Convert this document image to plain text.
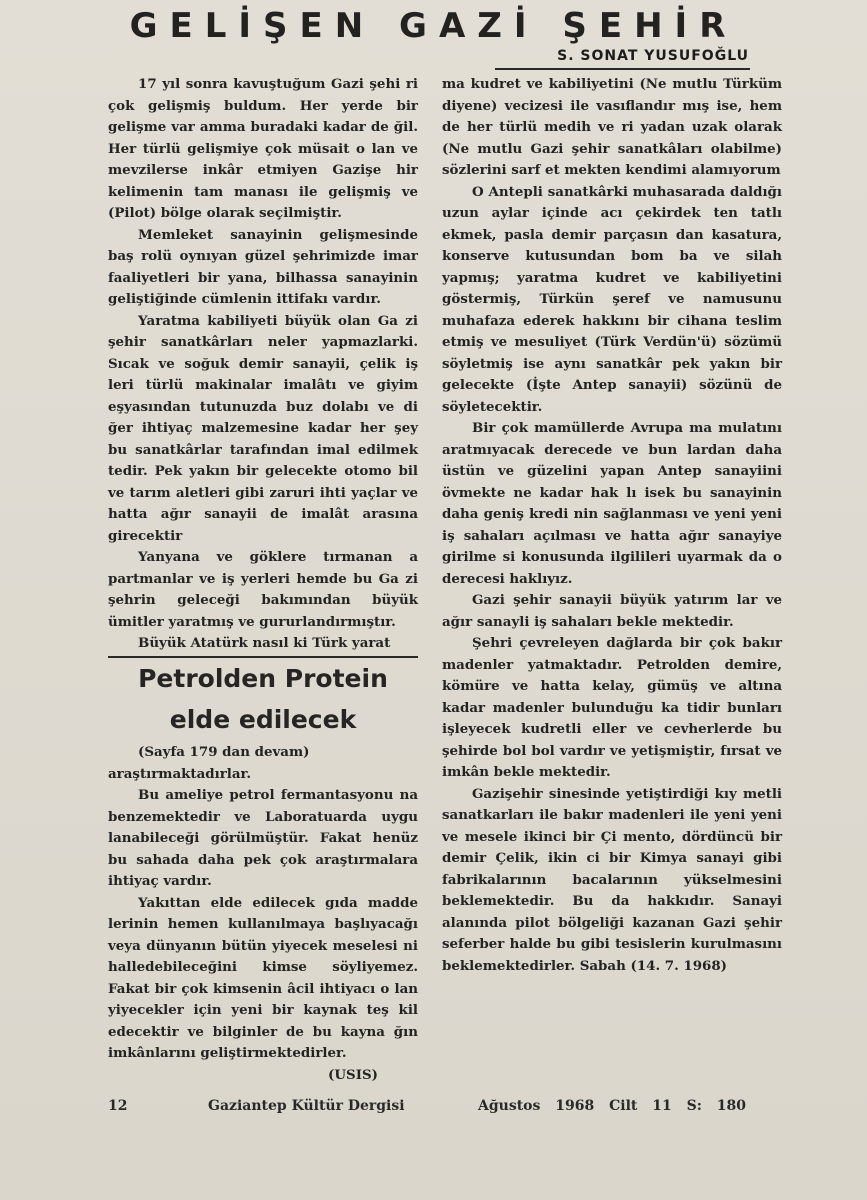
GELİŞEN GAZİ ŞEHİR
S. SONAT YUSUFOĞLU

17 yıl sonra kavuştuğum Gazi şehi ri çok gelişmiş buldum. Her yerde bir gelişme var amma buradaki kadar de ğil. Her türlü gelişmiye çok müsait o lan ve mevzilerse inkâr etmiyen Gazişe hir kelimenin tam manası ile gelişmiş ve (Pilot) bölge olarak seçilmiştir.

Memleket sanayinin gelişmesinde baş rolü oynıyan güzel şehrimizde imar faaliyetleri bir yana, bilhassa sanayinin geliştiğinde cümlenin ittifakı vardır.

Yaratma kabiliyeti büyük olan Ga zi şehir sanatkârları neler yapmazlarki. Sıcak ve soğuk demir sanayii, çelik iş leri türlü makinalar imalâtı ve giyim eşyasından tutunuzda buz dolabı ve di ğer ihtiyaç malzemesine kadar her şey bu sanatkârlar tarafından imal edilmek tedir. Pek yakın bir gelecekte otomo bil ve tarım aletleri gibi zaruri ihti yaçlar ve hatta ağır sanayii de imalât arasına girecektir

Yanyana ve göklere tırmanan a partmanlar ve iş yerleri hemde bu Ga zi şehrin geleceği bakımından büyük ümitler yaratmış ve gururlandırmıştır.

Büyük Atatürk nasıl ki Türk yarat

Petrolden Protein
elde edilecek

(Sayfa 179 dan devam)

araştırmaktadırlar.

Bu ameliye petrol fermantasyonu na benzemektedir ve Laboratuarda uygu lanabileceği görülmüştür. Fakat henüz bu sahada daha pek çok araştırmalara ihtiyaç vardır.

Yakıttan elde edilecek gıda madde lerinin hemen kullanılmaya başlıyacağı veya dünyanın bütün yiyecek meselesi ni halledebileceğini kimse söyliyemez. Fakat bir çok kimsenin âcil ihtiyacı o lan yiyecekler için yeni bir kaynak teş kil edecektir ve bilginler de bu kayna ğın imkânlarını geliştirmektedirler.

(USIS)

ma kudret ve kabiliyetini (Ne mutlu Türküm diyene) vecizesi ile vasıflandır mış ise, hem de her türlü medih ve ri yadan uzak olarak (Ne mutlu Gazi şehir sanatkâları olabilme) sözlerini sarf et mekten kendimi alamıyorum

O Antepli sanatkârki muhasarada daldığı uzun aylar içinde acı çekirdek ten tatlı ekmek, pasla demir parçasın dan kasatura, konserve kutusundan bom ba ve silah yapmış; yaratma kudret ve kabiliyetini göstermiş, Türkün şeref ve namusunu muhafaza ederek hakkını bir cihana teslim etmiş ve mesuliyet (Türk Verdün'ü) sözümü söyletmiş ise aynı sanatkâr pek yakın bir gelecekte (İşte Antep sanayii) sözünü de söyletecektir.

Bir çok mamüllerde Avrupa ma mulatını aratmıyacak derecede ve bun lardan daha üstün ve güzelini yapan Antep sanayiini övmekte ne kadar hak lı isek bu sanayinin daha geniş kredi nin sağlanması ve yeni yeni iş sahaları açılması ve hatta ağır sanayiye girilme si konusunda ilgilileri uyarmak da o derecesi haklıyız.

Gazi şehir sanayii büyük yatırım lar ve ağır sanayli iş sahaları bekle mektedir.

Şehri çevreleyen dağlarda bir çok bakır madenler yatmaktadır. Petrolden demire, kömüre ve hatta kelay, gümüş ve altına kadar madenler bulunduğu ka tidir bunları işleyecek kudretli eller ve cevherlerde bu şehirde bol bol vardır ve yetişmiştir, fırsat ve imkân bekle mektedir.

Gazişehir sinesinde yetiştirdiği kıy metli sanatkarları ile bakır madenleri ile yeni yeni ve mesele ikinci bir Çi mento, dördüncü bir demir Çelik, ikin ci bir Kimya sanayi gibi fabrikalarının bacalarının yükselmesini beklemektedir. Bu da hakkıdır. Sanayi alanında pilot bölgeliği kazanan Gazi şehir seferber halde bu gibi tesislerin kurulmasını beklemektedirler. Sabah (14. 7. 1968)

12	Gaziantep Kültür Dergisi	Ağustos 1968 Cilt 11 S: 180
